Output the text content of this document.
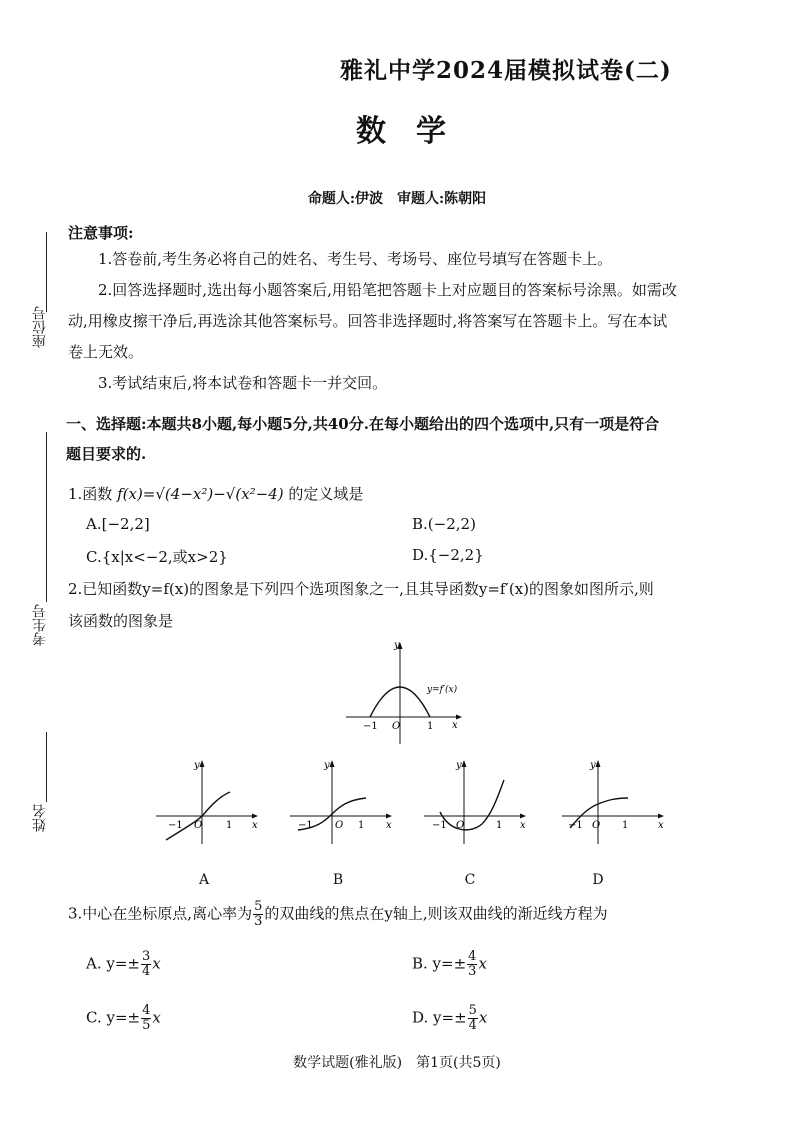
雅礼中学2024届模拟试卷(二)
数学
命题人:伊波　审题人:陈朝阳
座位号
考生号
姓名
注意事项:

1.答卷前,考生务必将自己的姓名、考生号、考场号、座位号填写在答题卡上。

2.回答选择题时,选出每小题答案后,用铅笔把答题卡上对应题目的答案标号涂黑。如需改

动,用橡皮擦干净后,再选涂其他答案标号。回答非选择题时,将答案写在答题卡上。写在本试

卷上无效。

3.考试结束后,将本试卷和答题卡一并交回。

一、选择题:本题共8小题,每小题5分,共40分.在每小题给出的四个选项中,只有一项是符合
题目要求的.
1.函数 f(x)=√(4−x²)−√(x²−4) 的定义域是
A.[−2,2]	B.(−2,2)
C.{x|x<−2,或x>2}	D.{−2,2}
2.已知函数y=f(x)的图象是下列四个选项图象之一,且其导函数y=f′(x)的图象如图所示,则
该函数的图象是
y=f′(x)
y
x
−1 O	1
y
x
−1 O 1
A
y
x
−1 O 1
B
y
x
−1 O	1
C
y
x
−1 O 1
D
3.中心在坐标原点,离心率为 $\frac{5}{3}$ 的双曲线的焦点在y轴上,则该双曲线的渐近线方程为
A. $y=\pm \frac{3}{4}$ x	B. $y=\pm \frac{4}{3}$ x
C. $y=\pm \frac{4}{5}$ x	D. $y=\pm \frac{5}{4}$ x
数学试题(雅礼版)　第1页(共5页)
